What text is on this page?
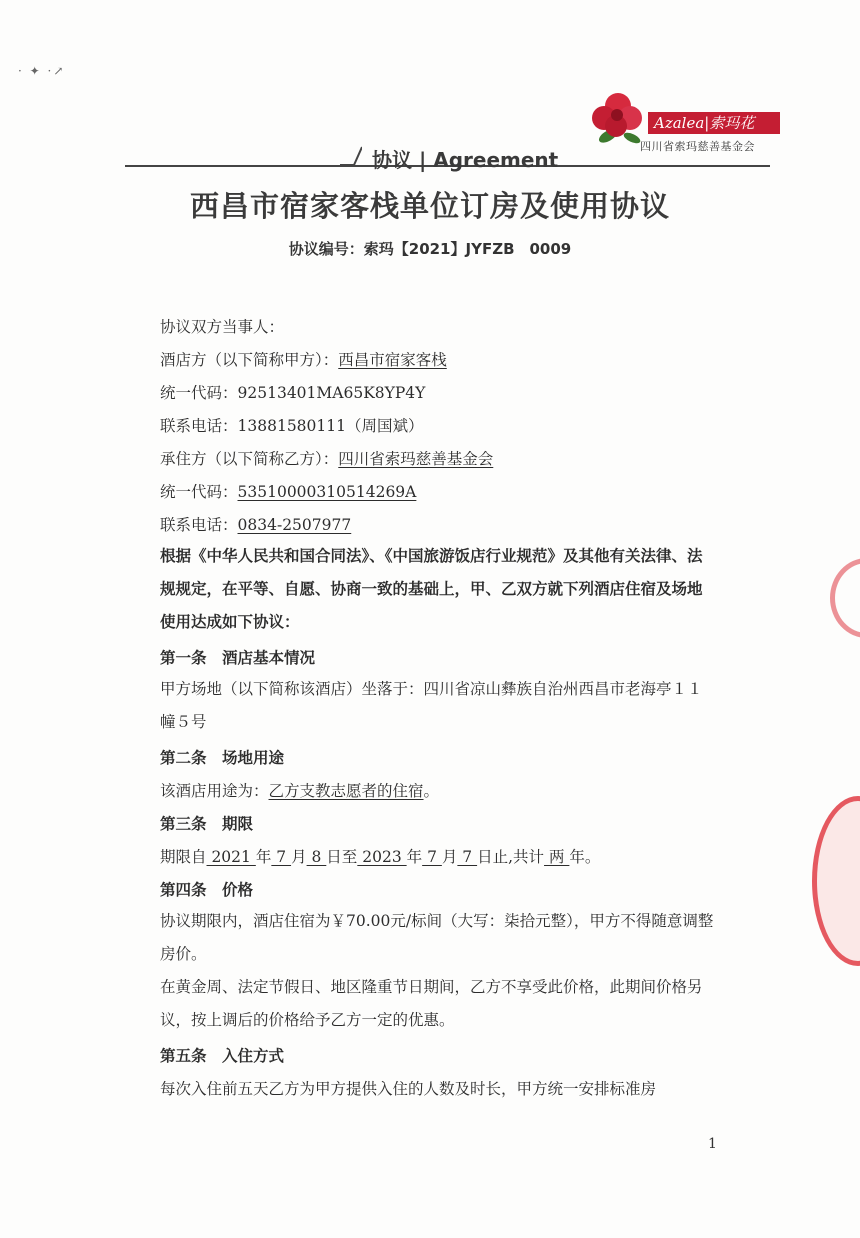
· ✦ ·↗
Azalea|索玛花
四川省索玛慈善基金会
协议 | Agreement
西昌市宿家客栈单位订房及使用协议
协议编号：索玛【2021】JYFZB　0009
协议双方当事人：
酒店方（以下简称甲方）：西昌市宿家客栈
统一代码：92513401MA65K8YP4Y
联系电话：13881580111（周国斌）
承住方（以下简称乙方）：四川省索玛慈善基金会
统一代码：53510000310514269A
联系电话：0834-2507977
根据《中华人民共和国合同法》、《中国旅游饭店行业规范》及其他有关法律、法规规定，在平等、自愿、协商一致的基础上，甲、乙双方就下列酒店住宿及场地使用达成如下协议：
第一条　酒店基本情况
甲方场地（以下简称该酒店）坐落于：四川省凉山彝族自治州西昌市老海亭１１幢５号
第二条　场地用途
该酒店用途为：乙方支教志愿者的住宿。
第三条　期限
期限自 2021 年 7 月 8 日至 2023 年 7 月 7 日止,共计 两 年。
第四条　价格
协议期限内，酒店住宿为￥70.00元/标间（大写：柒拾元整），甲方不得随意调整房价。
在黄金周、法定节假日、地区隆重节日期间，乙方不享受此价格，此期间价格另议，按上调后的价格给予乙方一定的优惠。
第五条　入住方式
每次入住前五天乙方为甲方提供入住的人数及时长，甲方统一安排标准房
1
